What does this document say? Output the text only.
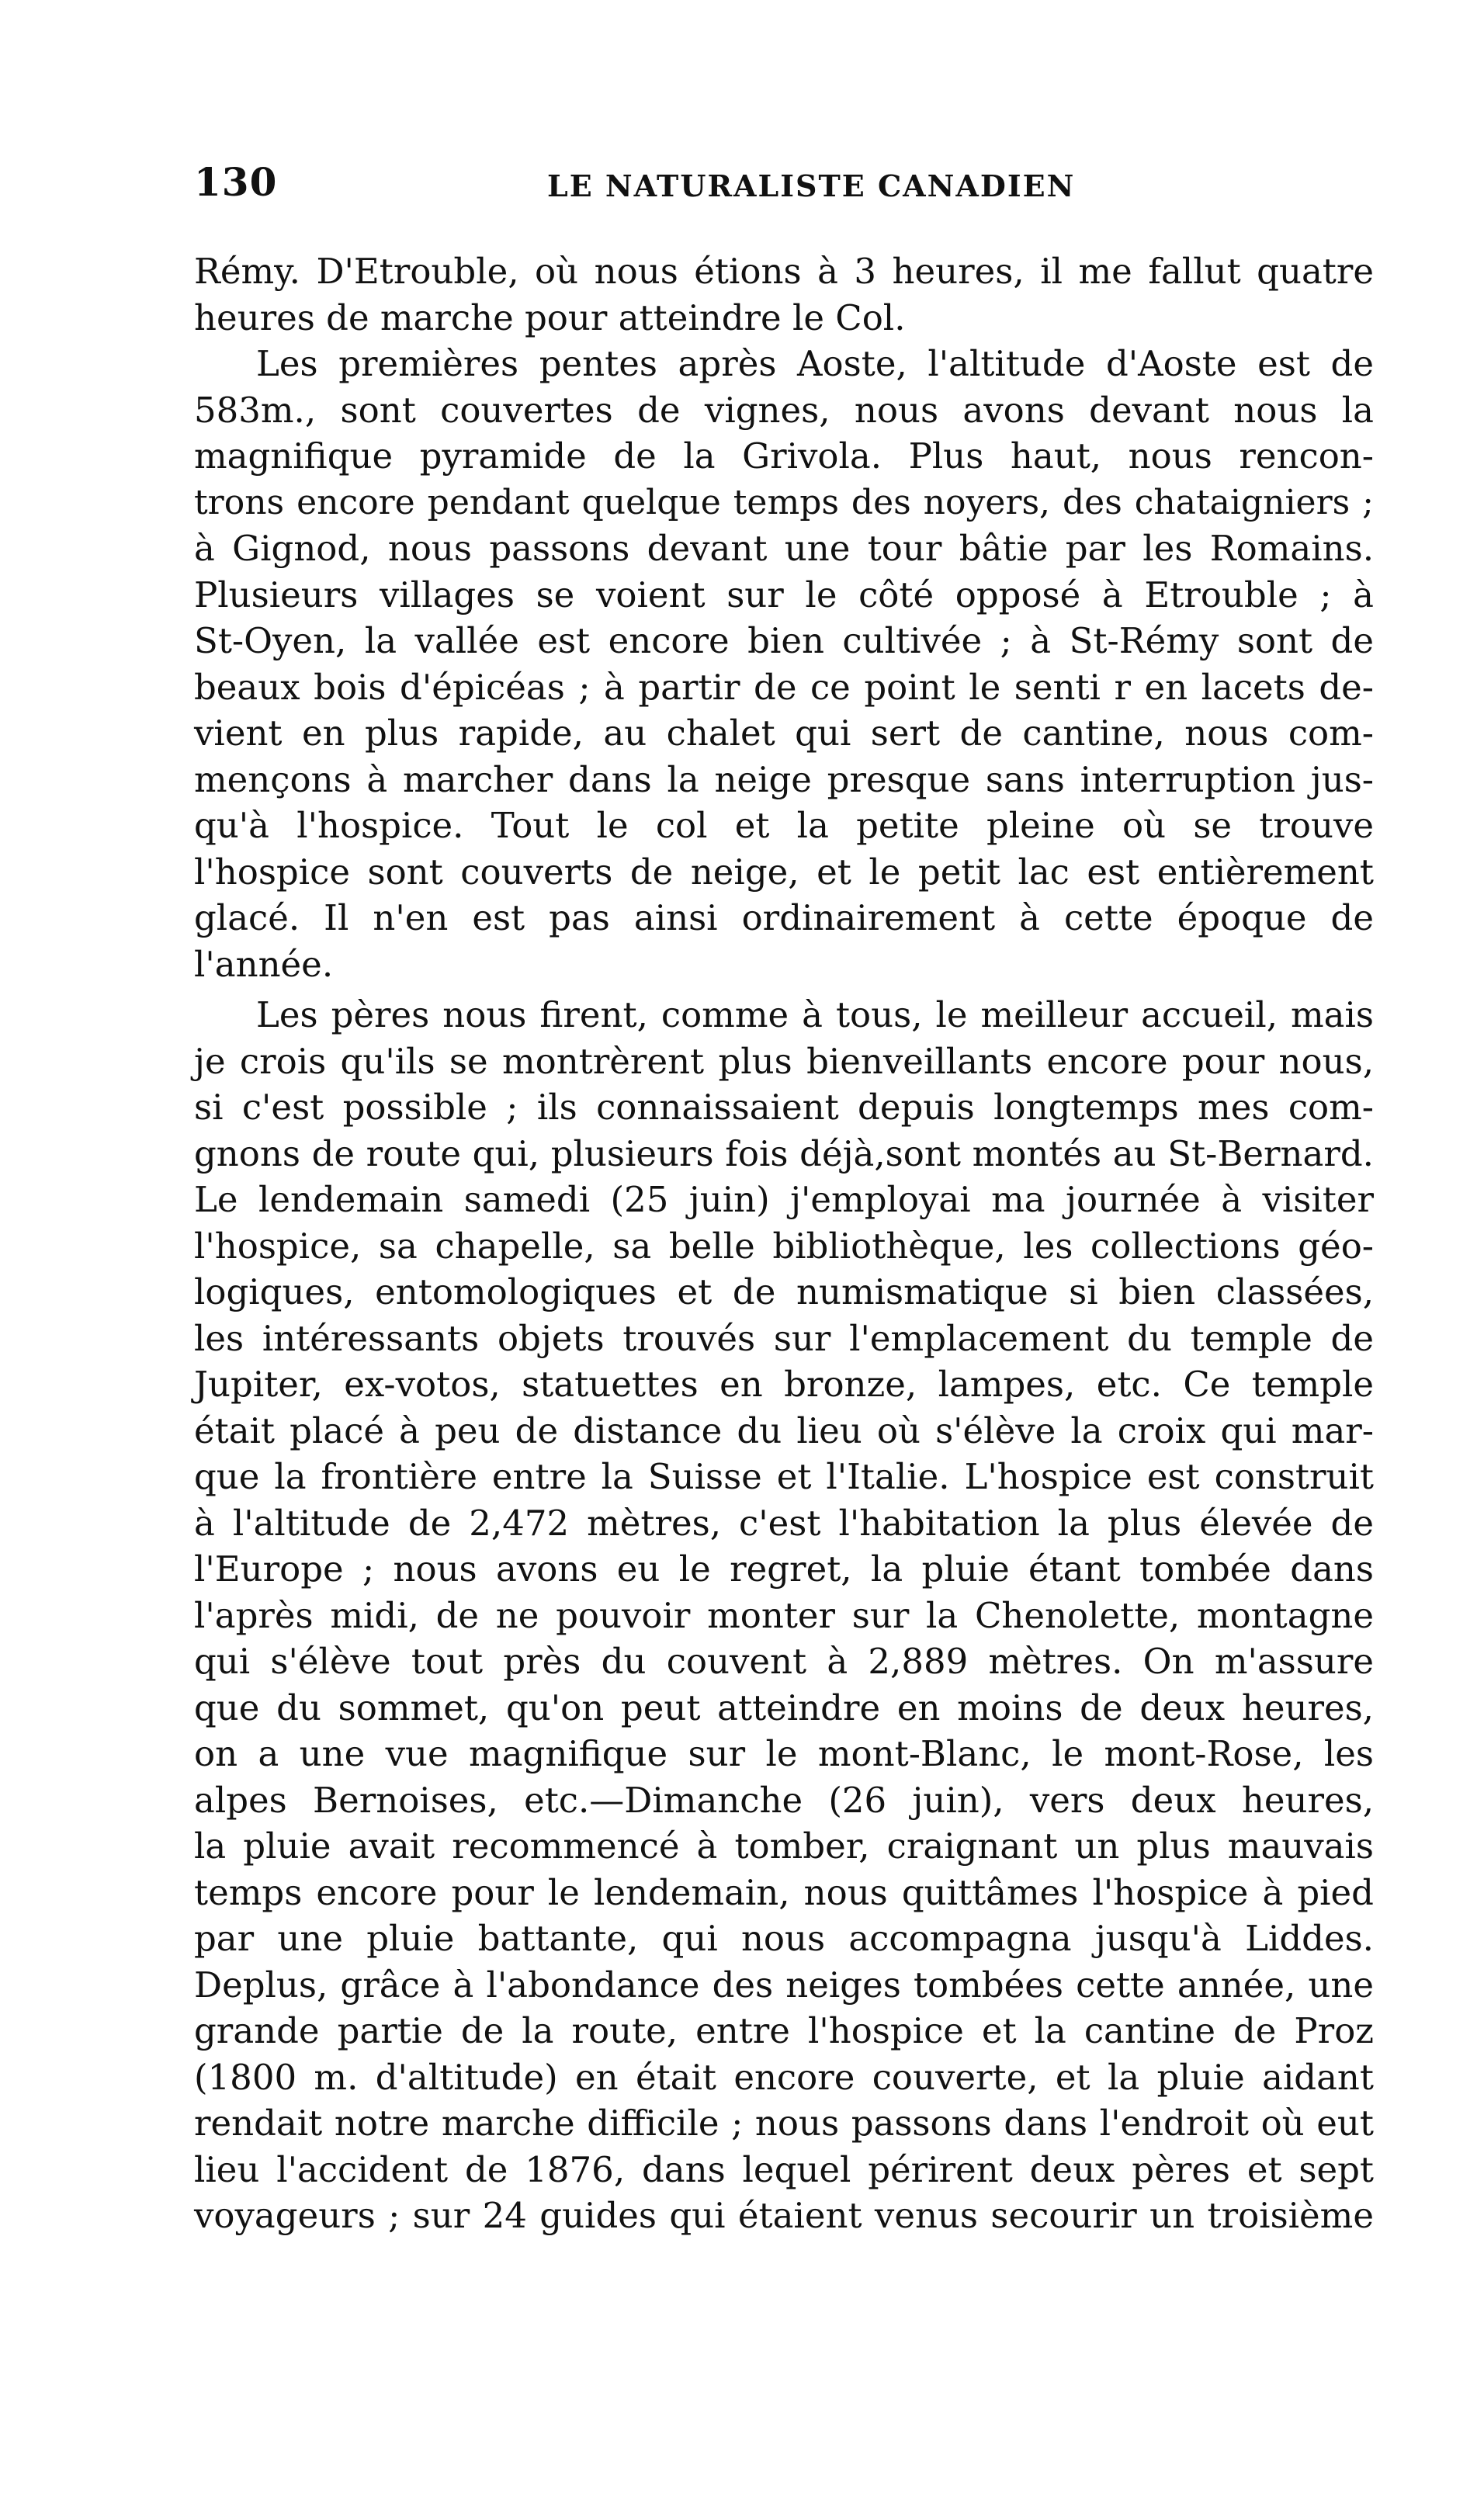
130	LE NATURALISTE CANADIEN
Rémy. D'Etrouble, où nous étions à 3 heures, il me fallut quatre
heures de marche pour atteindre le Col.
Les premières pentes après Aoste, l'altitude d'Aoste est de
583m., sont couvertes de vignes, nous avons devant nous la
magnifique pyramide de la Grivola. Plus haut, nous rencon-
trons encore pendant quelque temps des noyers, des chataigniers ;
à Gignod, nous passons devant une tour bâtie par les Romains.
Plusieurs villages se voient sur le côté opposé à Etrouble ; à
St-Oyen, la vallée est encore bien cultivée ; à St-Rémy sont de
beaux bois d'épicéas ; à partir de ce point le senti r en lacets de-
vient en plus rapide, au chalet qui sert de cantine, nous com-
mençons à marcher dans la neige presque sans interruption jus-
qu'à l'hospice. Tout le col et la petite pleine où se trouve
l'hospice sont couverts de neige, et le petit lac est entièrement
glacé. Il n'en est pas ainsi ordinairement à cette époque de
l'année.
Les pères nous firent, comme à tous, le meilleur accueil, mais
je crois qu'ils se montrèrent plus bienveillants encore pour nous,
si c'est possible ; ils connaissaient depuis longtemps mes com-
gnons de route qui, plusieurs fois déjà,sont montés au St-Bernard.
Le lendemain samedi (25 juin) j'employai ma journée à visiter
l'hospice, sa chapelle, sa belle bibliothèque, les collections géo-
logiques, entomologiques et de numismatique si bien classées,
les intéressants objets trouvés sur l'emplacement du temple de
Jupiter, ex-votos, statuettes en bronze, lampes, etc. Ce temple
était placé à peu de distance du lieu où s'élève la croix qui mar-
que la frontière entre la Suisse et l'Italie. L'hospice est construit
à l'altitude de 2,472 mètres, c'est l'habitation la plus élevée de
l'Europe ; nous avons eu le regret, la pluie étant tombée dans
l'après midi, de ne pouvoir monter sur la Chenolette, montagne
qui s'élève tout près du couvent à 2,889 mètres. On m'assure
que du sommet, qu'on peut atteindre en moins de deux heures,
on a une vue magnifique sur le mont-Blanc, le mont-Rose, les
alpes Bernoises, etc.—Dimanche (26 juin), vers deux heures,
la pluie avait recommencé à tomber, craignant un plus mauvais
temps encore pour le lendemain, nous quittâmes l'hospice à pied
par une pluie battante, qui nous accompagna jusqu'à Liddes.
Deplus, grâce à l'abondance des neiges tombées cette année, une
grande partie de la route, entre l'hospice et la cantine de Proz
(1800 m. d'altitude) en était encore couverte, et la pluie aidant
rendait notre marche difficile ; nous passons dans l'endroit où eut
lieu l'accident de 1876, dans lequel périrent deux pères et sept
voyageurs ; sur 24 guides qui étaient venus secourir un troisième
